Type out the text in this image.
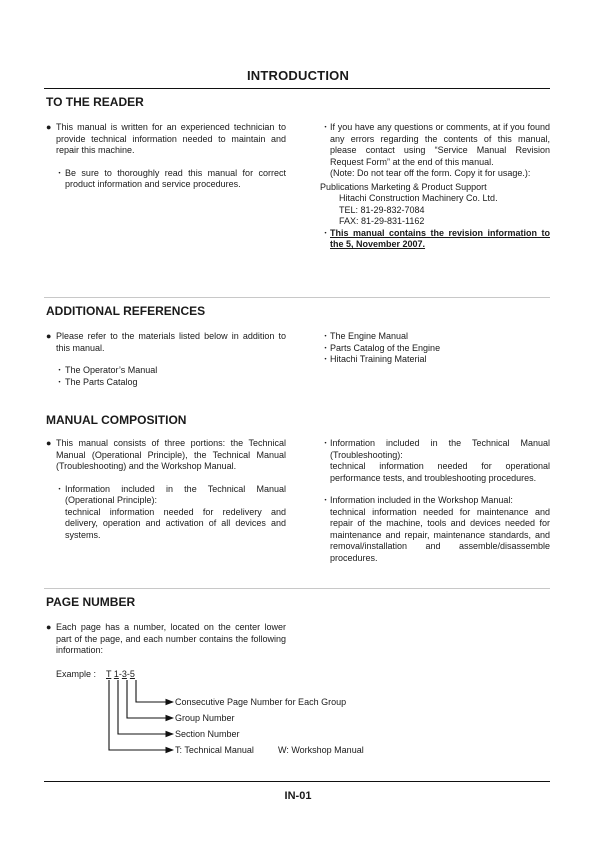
INTRODUCTION
TO THE READER
● This manual is written for an experienced technician to provide technical information needed to maintain and repair this machine.
・ Be sure to thoroughly read this manual for correct product information and service procedures.
・ If you have any questions or comments, at if you found any errors regarding the contents of this manual, please contact using “Service Manual Revision Request Form” at the end of this manual.
(Note: Do not tear off the form. Copy it for usage.):
Publications Marketing & Product Support
Hitachi Construction Machinery Co. Ltd.
TEL: 81-29-832-7084
FAX: 81-29-831-1162
・ This manual contains the revision information to the 5, November 2007.
ADDITIONAL REFERENCES
● Please refer to the materials listed below in addition to this manual.
・ The Operator’s Manual
・ The Parts Catalog
・ The Engine Manual
・ Parts Catalog of the Engine
・ Hitachi Training Material
MANUAL COMPOSITION
● This manual consists of three portions: the Technical Manual (Operational Principle), the Technical Manual (Troubleshooting) and the Workshop Manual.
・ Information included in the Technical Manual (Operational Principle):
technical information needed for redelivery and delivery, operation and activation of all devices and systems.
・ Information included in the Technical Manual (Troubleshooting):
technical information needed for operational performance tests, and troubleshooting procedures.
・ Information included in the Workshop Manual:
technical information needed for maintenance and repair of the machine, tools and devices needed for maintenance and repair, maintenance standards, and removal/installation and assemble/disassemble procedures.
PAGE NUMBER
● Each page has a number, located on the center lower part of the page, and each number contains the following information:
Example : T 1-3-5
Consecutive Page Number for Each Group
Group Number
Section Number
T: Technical Manual	W: Workshop Manual
IN-01
